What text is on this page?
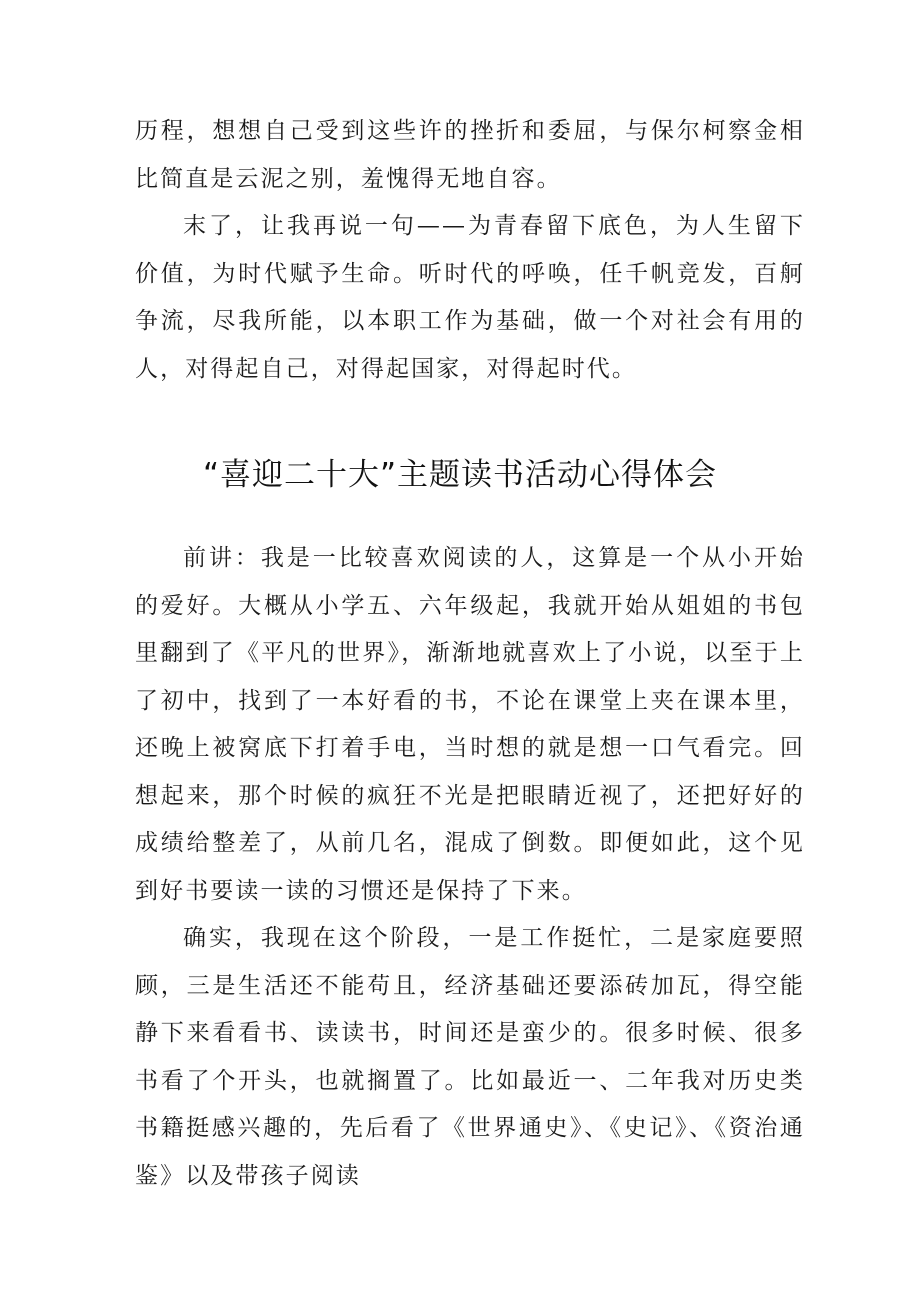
历程，想想自己受到这些许的挫折和委屈，与保尔柯察金相比简直是云泥之别，羞愧得无地自容。

末了，让我再说一句——为青春留下底色，为人生留下价值，为时代赋予生命。听时代的呼唤，任千帆竞发，百舸争流，尽我所能，以本职工作为基础，做一个对社会有用的人，对得起自己，对得起国家，对得起时代。

“喜迎二十大”主题读书活动心得体会

前讲：我是一比较喜欢阅读的人，这算是一个从小开始的爱好。大概从小学五、六年级起，我就开始从姐姐的书包里翻到了《平凡的世界》，渐渐地就喜欢上了小说，以至于上了初中，找到了一本好看的书，不论在课堂上夹在课本里，还晚上被窝底下打着手电，当时想的就是想一口气看完。回想起来，那个时候的疯狂不光是把眼睛近视了，还把好好的成绩给整差了，从前几名，混成了倒数。即便如此，这个见到好书要读一读的习惯还是保持了下来。

确实，我现在这个阶段，一是工作挺忙，二是家庭要照顾，三是生活还不能苟且，经济基础还要添砖加瓦，得空能静下来看看书、读读书，时间还是蛮少的。很多时候、很多书看了个开头，也就搁置了。比如最近一、二年我对历史类书籍挺感兴趣的，先后看了《世界通史》、《史记》、《资治通鉴》以及带孩子阅读
